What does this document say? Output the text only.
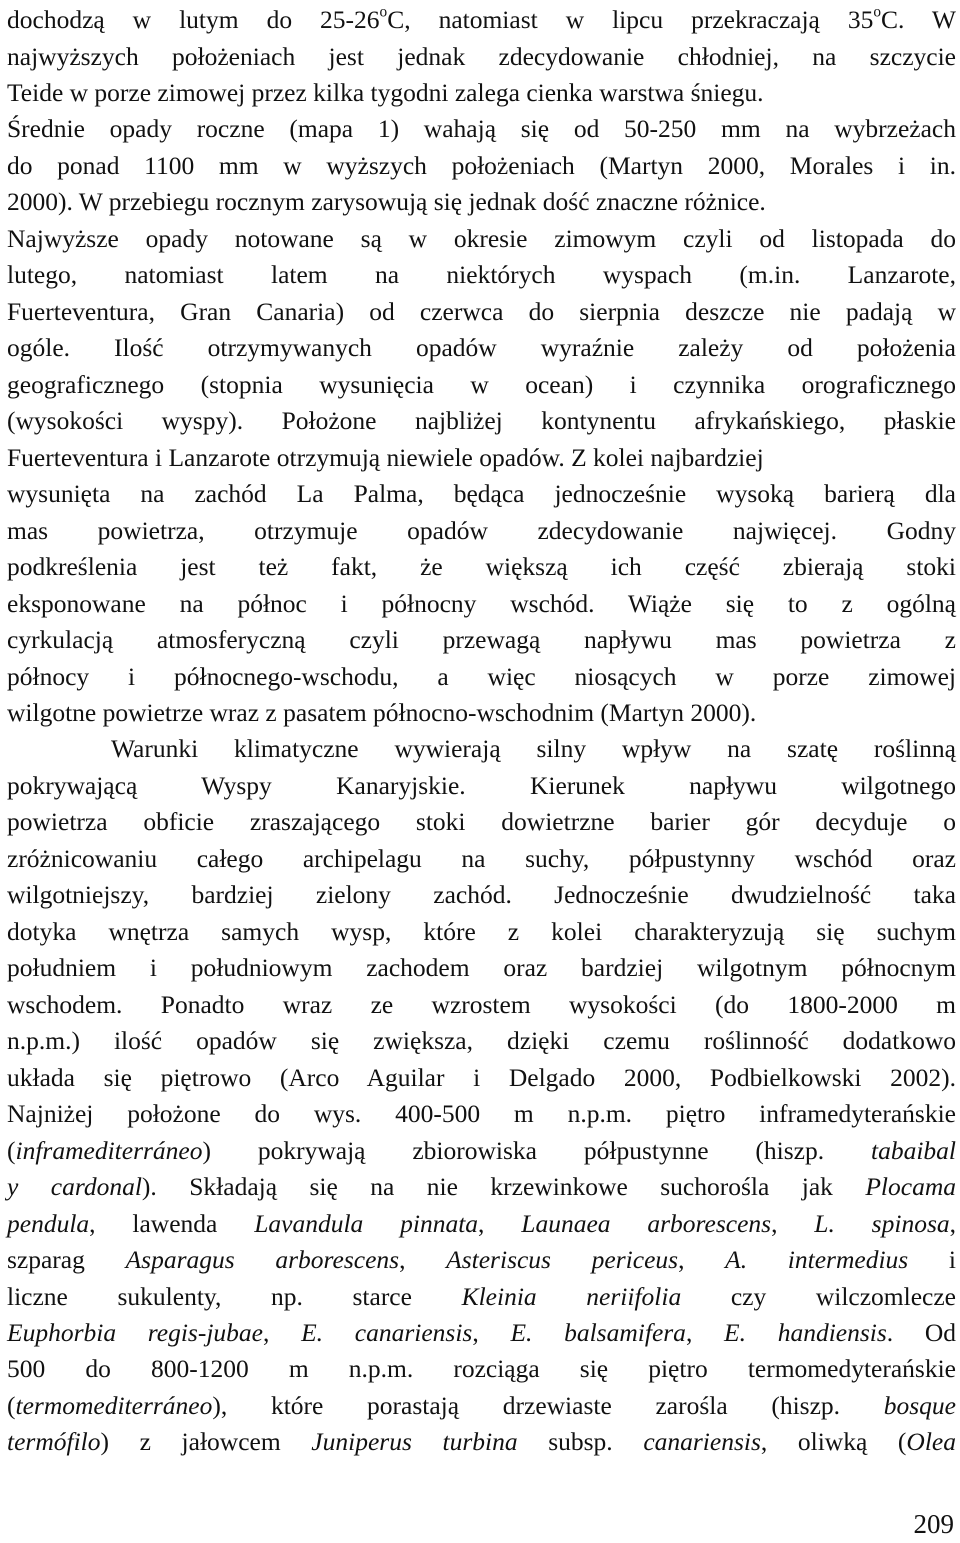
dochodzą w lutym do 25-26$^o$C, natomiast w lipcu przekraczają 35$^o$C. W
najwyższych położeniach jest jednak zdecydowanie chłodniej, na szczycie
Teide w porze zimowej przez kilka tygodni zalega cienka warstwa śniegu.
Średnie opady roczne (mapa 1) wahają się od 50-250 mm na wybrzeżach
do ponad 1100 mm w wyższych położeniach (Martyn 2000, Morales i in.
2000). W przebiegu rocznym zarysowują się jednak dość znaczne różnice.
Najwyższe opady notowane są w okresie zimowym czyli od listopada do
lutego, natomiast latem na niektórych wyspach (m.in. Lanzarote,
Fuerteventura, Gran Canaria) od czerwca do sierpnia deszcze nie padają w
ogóle. Ilość otrzymywanych opadów wyraźnie zależy od położenia
geograficznego (stopnia wysunięcia w ocean) i czynnika orograficznego
(wysokości wyspy). Położone najbliżej kontynentu afrykańskiego, płaskie
Fuerteventura i Lanzarote otrzymują niewiele opadów. Z kolei najbardziej
wysunięta na zachód La Palma, będąca jednocześnie wysoką barierą dla
mas powietrza, otrzymuje opadów zdecydowanie najwięcej. Godny
podkreślenia jest też fakt, że większą ich część zbierają stoki
eksponowane na północ i północny wschód. Wiąże się to z ogólną
cyrkulacją atmosferyczną czyli przewagą napływu mas powietrza z
północy i północnego-wschodu, a więc niosących w porze zimowej
wilgotne powietrze wraz z pasatem północno-wschodnim (Martyn 2000).
Warunki klimatyczne wywierają silny wpływ na szatę roślinną
pokrywającą Wyspy Kanaryjskie. Kierunek napływu wilgotnego
powietrza obficie zraszającego stoki dowietrzne barier gór decyduje o
zróżnicowaniu całego archipelagu na suchy, półpustynny wschód oraz
wilgotniejszy, bardziej zielony zachód. Jednocześnie dwudzielność taka
dotyka wnętrza samych wysp, które z kolei charakteryzują się suchym
południem i południowym zachodem oraz bardziej wilgotnym północnym
wschodem. Ponadto wraz ze wzrostem wysokości (do 1800-2000 m
n.p.m.) ilość opadów się zwiększa, dzięki czemu roślinność dodatkowo
układa się piętrowo (Arco Aguilar i Delgado 2000, Podbielkowski 2002).
Najniżej położone do wys. 400-500 m n.p.m. piętro inframedyterańskie
(inframediterráneo) pokrywają zbiorowiska półpustynne (hiszp. tabaibal
y cardonal). Składają się na nie krzewinkowe suchorośla jak Plocama
pendula, lawenda Lavandula pinnata, Launaea arborescens, L. spinosa,
szparag Asparagus arborescens, Asteriscus periceus, A. intermedius i
liczne sukulenty, np. starce Kleinia neriifolia czy wilczomlecze
Euphorbia regis-jubae, E. canariensis, E. balsamifera, E. handiensis. Od
500 do 800-1200 m n.p.m. rozciąga się piętro termomedyterańskie
(termomediterráneo), które porastają drzewiaste zarośla (hiszp. bosque
termófilo) z jałowcem Juniperus turbina subsp. canariensis, oliwką (Olea
209
